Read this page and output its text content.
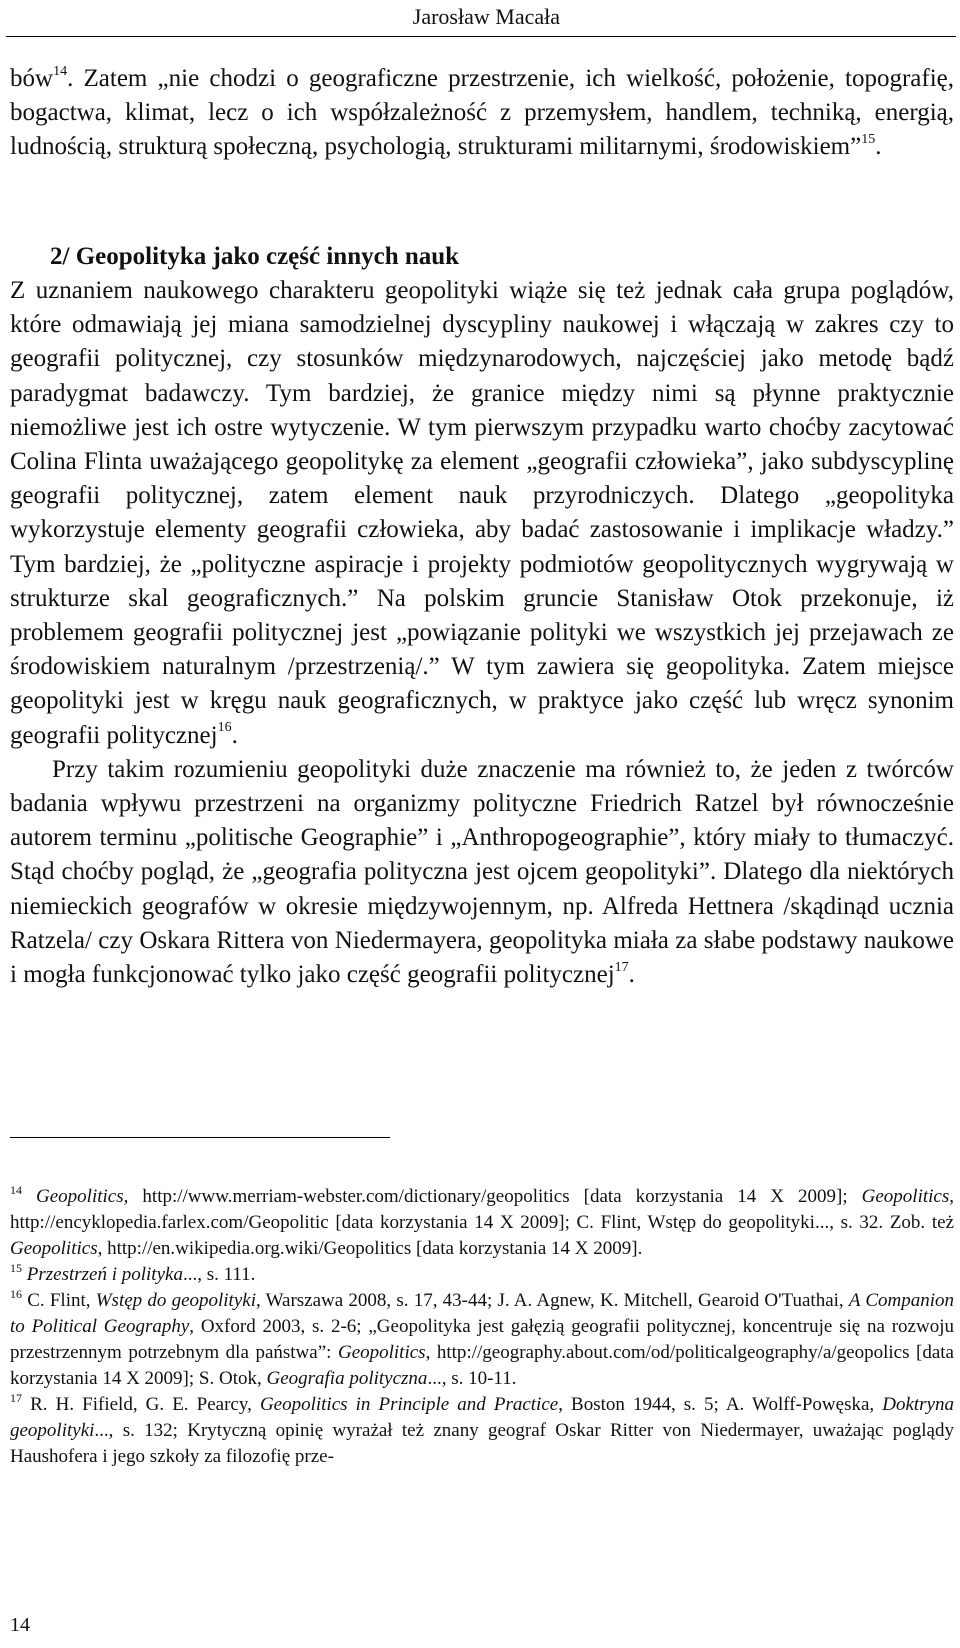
Jarosław Macała

bów$^{14}$. Zatem „nie chodzi o geograficzne przestrzenie, ich wielkość, położenie, topografię, bogactwa, klimat, lecz o ich współzależność z przemysłem, handlem, techniką, energią, ludnością, strukturą społeczną, psychologią, strukturami militarnymi, środowiskiem”$^{15}$.

2/ Geopolityka jako część innych nauk

Z uznaniem naukowego charakteru geopolityki wiąże się też jednak cała grupa poglądów, które odmawiają jej miana samodzielnej dyscypliny naukowej i włączają w zakres czy to geografii politycznej, czy stosunków międzynarodowych, najczęściej jako metodę bądź paradygmat badawczy. Tym bardziej, że granice między nimi są płynne praktycznie niemożliwe jest ich ostre wytyczenie. W tym pierwszym przypadku warto choćby zacytować Colina Flinta uważającego geopolitykę za element „geografii człowieka”, jako subdyscyplinę geografii politycznej, zatem element nauk przyrodniczych. Dlatego „geopolityka wykorzystuje elementy geografii człowieka, aby badać zastosowanie i implikacje władzy.” Tym bardziej, że „polityczne aspiracje i projekty podmiotów geopolitycznych wygrywają w strukturze skal geograficznych.” Na polskim gruncie Stanisław Otok przekonuje, iż problemem geografii politycznej jest „powiązanie polityki we wszystkich jej przejawach ze środowiskiem naturalnym /przestrzenią/.” W tym zawiera się geopolityka. Zatem miejsce geopolityki jest w kręgu nauk geograficznych, w praktyce jako część lub wręcz synonim geografii politycznej$^{16}$.

Przy takim rozumieniu geopolityki duże znaczenie ma również to, że jeden z twórców badania wpływu przestrzeni na organizmy polityczne Friedrich Ratzel był równocześnie autorem terminu „politische Geographie” i „Anthropogeographie”, który miały to tłumaczyć. Stąd choćby pogląd, że „geografia polityczna jest ojcem geopolityki”. Dlatego dla niektórych niemieckich geografów w okresie międzywojennym, np. Alfreda Hettnera /skądinąd ucznia Ratzela/ czy Oskara Rittera von Niedermayera, geopolityka miała za słabe podstawy naukowe i mogła funkcjonować tylko jako część geografii politycznej$^{17}$.

$^{14}$ Geopolitics, http://www.merriam-webster.com/dictionary/geopolitics [data korzystania 14 X 2009]; Geopolitics, http://encyklopedia.farlex.com/Geopolitic [data korzystania 14 X 2009]; C. Flint, Wstęp do geopolityki..., s. 32. Zob. też Geopolitics, http://en.wikipedia.org.wiki/Geopolitics [data korzystania 14 X 2009].

$^{15}$ Przestrzeń i polityka..., s. 111.

$^{16}$ C. Flint, Wstęp do geopolityki, Warszawa 2008, s. 17, 43-44; J. A. Agnew, K. Mitchell, Gearoid O'Tuathai, A Companion to Political Geography, Oxford 2003, s. 2-6; „Geopolityka jest gałęzią geografii politycznej, koncentruje się na rozwoju przestrzennym potrzebnym dla państwa”: Geopolitics, http://geography.about.com/od/politicalgeography/a/geopolics [data korzystania 14 X 2009]; S. Otok, Geografia polityczna..., s. 10-11.

$^{17}$ R. H. Fifield, G. E. Pearcy, Geopolitics in Principle and Practice, Boston 1944, s. 5; A. Wolff-Powęska, Doktryna geopolityki..., s. 132; Krytyczną opinię wyrażał też znany geograf Oskar Ritter von Niedermayer, uważając poglądy Haushofera i jego szkoły za filozofię prze-

14
